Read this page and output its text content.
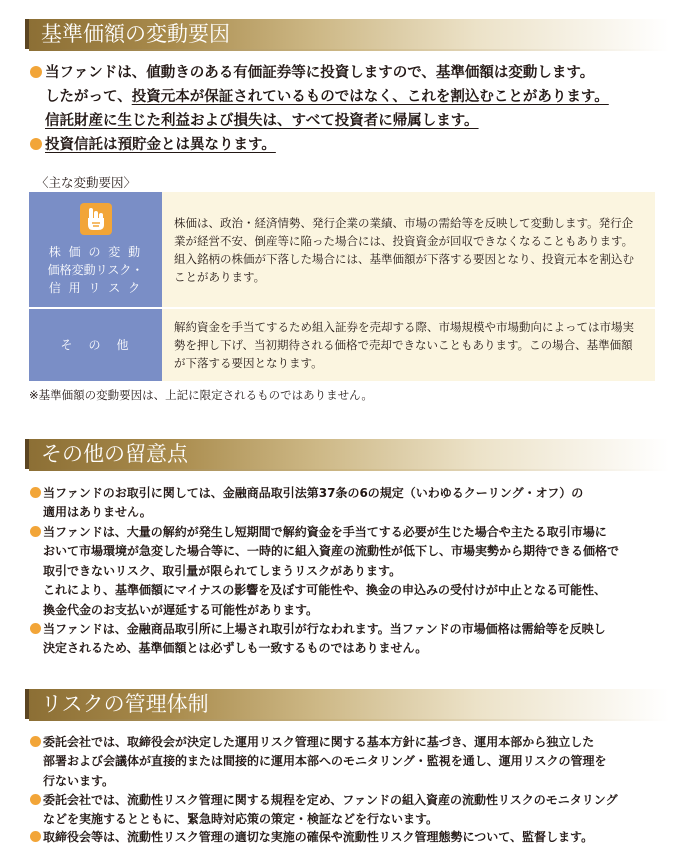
基準価額の変動要因
当ファンドは、値動きのある有価証券等に投資しますので、基準価額は変動します。
したがって、投資元本が保証されているものではなく、これを割込むことがあります。
信託財産に生じた利益および損失は、すべて投資者に帰属します。
投資信託は預貯金とは異なります。
〈主な変動要因〉
株 価 の 変 動
価格変動リスク・
信 用 リ ス ク	株価は、政治・経済情勢、発行企業の業績、市場の需給等を反映して変動します。発行企業が経営不安、倒産等に陥った場合には、投資資金が回収できなくなることもあります。組入銘柄の株価が下落した場合には、基準価額が下落する要因となり、投資元本を割込むことがあります。

そ　の　他	解約資金を手当てするため組入証券を売却する際、市場規模や市場動向によっては市場実勢を押し下げ、当初期待される価格で売却できないこともあります。この場合、基準価額が下落する要因となります。
※基準価額の変動要因は、上記に限定されるものではありません。
その他の留意点
当ファンドのお取引に関しては、金融商品取引法第37条の6の規定（いわゆるクーリング・オフ）の
適用はありません。
当ファンドは、大量の解約が発生し短期間で解約資金を手当てする必要が生じた場合や主たる取引市場に
おいて市場環境が急変した場合等に、一時的に組入資産の流動性が低下し、市場実勢から期待できる価格で
取引できないリスク、取引量が限られてしまうリスクがあります。
これにより、基準価額にマイナスの影響を及ぼす可能性や、換金の申込みの受付けが中止となる可能性、
換金代金のお支払いが遅延する可能性があります。
当ファンドは、金融商品取引所に上場され取引が行なわれます。当ファンドの市場価格は需給等を反映し
決定されるため、基準価額とは必ずしも一致するものではありません。
リスクの管理体制
委託会社では、取締役会が決定した運用リスク管理に関する基本方針に基づき、運用本部から独立した
部署および会議体が直接的または間接的に運用本部へのモニタリング・監視を通し、運用リスクの管理を
行ないます。
委託会社では、流動性リスク管理に関する規程を定め、ファンドの組入資産の流動性リスクのモニタリング
などを実施するとともに、緊急時対応策の策定・検証などを行ないます。
取締役会等は、流動性リスク管理の適切な実施の確保や流動性リスク管理態勢について、監督します。
